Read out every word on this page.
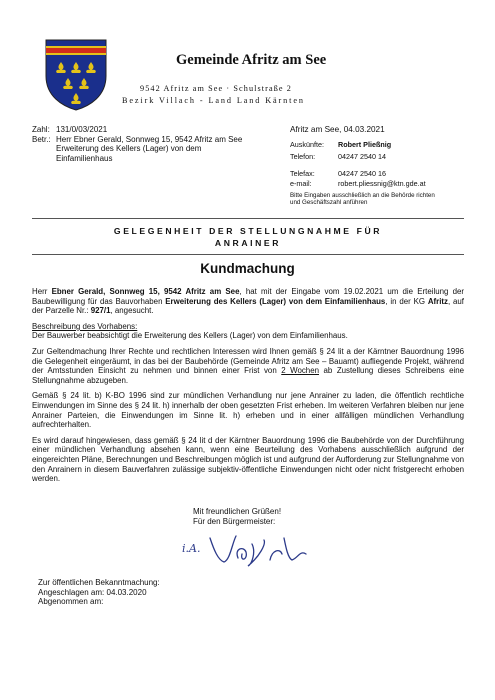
Gemeinde Afritz am See
9542 Afritz am See · Schulstraße 2
Bezirk Villach - Land Land Kärnten
Zahl: 131/0/03/2021
Betr.: Herr Ebner Gerald, Sonnweg 15, 9542 Afritz am See
Erweiterung des Kellers (Lager) von dem
Einfamilienhaus
Afritz am See, 04.03.2021
Auskünfte:	Robert Pließnig
Telefon:	04247 2540 14
Telefax:	04247 2540 16
e-mail:	robert.pliessnig@ktn.gde.at
Bitte Eingaben ausschließlich an die Behörde richten und Geschäftszahl anführen
GELEGENHEIT DER STELLUNGNAHME FÜR
ANRAINER
Kundmachung

Herr Ebner Gerald, Sonnweg 15, 9542 Afritz am See, hat mit der Eingabe vom 19.02.2021 um die Erteilung der Baubewilligung für das Bauvorhaben Erweiterung des Kellers (Lager) von dem Einfamilienhaus, in der KG Afritz, auf der Parzelle Nr.: 927/1, angesucht.

Beschreibung des Vorhabens:
Der Bauwerber beabsichtigt die Erweiterung des Kellers (Lager) von dem Einfamilienhaus.

Zur Geltendmachung Ihrer Rechte und rechtlichen Interessen wird Ihnen gemäß § 24 lit a der Kärntner Bauordnung 1996 die Gelegenheit eingeräumt, in das bei der Baubehörde (Gemeinde Afritz am See – Bauamt) aufliegende Projekt, während der Amtsstunden Einsicht zu nehmen und binnen einer Frist von 2 Wochen ab Zustellung dieses Schreibens eine Stellungnahme abzugeben.

Gemäß § 24 lit. b) K-BO 1996 sind zur mündlichen Verhandlung nur jene Anrainer zu laden, die öffentlich rechtliche Einwendungen im Sinne des § 24 lit. h) innerhalb der oben gesetzten Frist erheben. Im weiteren Verfahren bleiben nur jene Anrainer Parteien, die Einwendungen im Sinne lit. h) erheben und in einer allfälligen mündlichen Verhandlung aufrechterhalten.

Es wird darauf hingewiesen, dass gemäß § 24 lit d der Kärntner Bauordnung 1996 die Baubehörde von der Durchführung einer mündlichen Verhandlung absehen kann, wenn eine Beurteilung des Vorhabens ausschließlich aufgrund der eingereichten Pläne, Berechnungen und Beschreibungen möglich ist und aufgrund der Aufforderung zur Stellungnahme von den Anrainern in diesem Bauverfahren zulässige subjektiv-öffentliche Einwendungen nicht oder nicht fristgerecht erhoben werden.

Mit freundlichen Grüßen!
Für den Bürgermeister:
i.A.
Zur öffentlichen Bekanntmachung:
Angeschlagen am: 04.03.2020
Abgenommen am:
